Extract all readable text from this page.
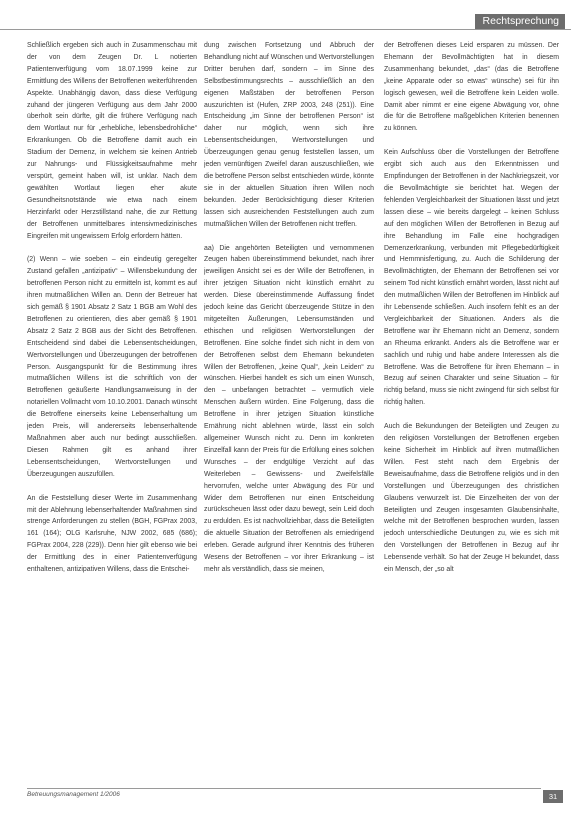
Rechtsprechung
Schließlich ergeben sich auch in Zusammenschau mit der von dem Zeugen Dr. L notierten Patientenverfügung vom 18.07.1999 keine zur Ermittlung des Willens der Betroffenen weiterführenden Aspekte. Unabhängig davon, dass diese Verfügung zuhand der jüngeren Verfügung aus dem Jahr 2000 überholt sein dürfte, gilt die frühere Verfügung nach dem Wortlaut nur für „erhebliche, lebensbedrohliche“ Erkrankungen. Ob die Betroffene damit auch ein Stadium der Demenz, in welchem sie keinen Antrieb zur Nahrungs- und Flüssigkeitsaufnahme mehr verspürt, gemeint haben will, ist unklar. Nach dem gewählten Wortlaut liegen eher akute Gesundheitsnotstände wie etwa nach einem Herzinfarkt oder Herzstillstand nahe, die zur Rettung der Betroffenen unmittelbares intensivmedizinisches Eingreifen mit ungewissem Erfolg erfordern hätten.
(2) Wenn – wie soeben – ein eindeutig geregelter Zustand gefallen „antizipativ“ – Willensbekundung der betroffenen Person nicht zu ermitteln ist, kommt es auf ihren mutmaßlichen Willen an. Denn der Betreuer hat sich gemäß § 1901 Absatz 2 Satz 1 BGB am Wohl des Betroffenen zu orientieren, dies aber gemäß § 1901 Absatz 2 Satz 2 BGB aus der Sicht des Betroffenen. Entscheidend sind dabei die Lebensentscheidungen, Wertvorstellungen und Überzeugungen der betroffenen Person. Ausgangspunkt für die Bestimmung ihres mutmaßlichen Willens ist die schriftlich von der Betroffenen geäußerte Handlungsanweisung in der notariellen Vollmacht vom 10.10.2001. Danach wünscht die Betroffene einerseits keine Lebenserhaltung um jeden Preis, will andererseits lebenserhaltende Maßnahmen aber auch nur bedingt ausschließen. Diesen Rahmen gilt es anhand ihrer Lebensentscheidungen, Wertvorstellungen und Überzeugungen auszufüllen.
An die Feststellung dieser Werte im Zusammenhang mit der Ablehnung lebenserhaltender Maßnahmen sind strenge Anforderungen zu stellen (BGH, FGPrax 2003, 161 (164); OLG Karlsruhe, NJW 2002, 685 (686); FGPrax 2004, 228 (229)). Denn hier gilt ebenso wie bei der Ermittlung des in einer Patientenverfügung enthaltenen, antizipativen Willens, dass die Entschei-
dung zwischen Fortsetzung und Abbruch der Behandlung nicht auf Wünschen und Wertvorstellungen Dritter beruhen darf, sondern – im Sinne des Selbstbestimmungsrechts – ausschließlich an den eigenen Maßstäben der betroffenen Person auszurichten ist (Hufen, ZRP 2003, 248 (251)). Eine Entscheidung „im Sinne der betroffenen Person“ ist daher nur möglich, wenn sich ihre Lebensentscheidungen, Wertvorstellungen und Überzeugungen genau genug feststellen lassen, um jeden vernünftigen Zweifel daran auszuschließen, wie die betroffene Person selbst entschieden würde, könnte sie in der aktuellen Situation ihren Willen noch bekunden. Jeder Berücksichtigung dieser Kriterien lassen sich ausreichenden Feststellungen auch zum mutmaßlichen Willen der Betroffenen nicht treffen.
aa) Die angehörten Beteiligten und vernommenen Zeugen haben übereinstimmend bekundet, nach ihrer jeweiligen Ansicht sei es der Wille der Betroffenen, in ihrer jetzigen Situation nicht künstlich ernährt zu werden. Diese übereinstimmende Auffassung findet jedoch keine das Gericht überzeugende Stütze in den mitgeteilten Äußerungen, Lebensumständen und ethischen und religiösen Wertvorstellungen der Betroffenen. Eine solche findet sich nicht in dem von der Betroffenen selbst dem Ehemann bekundeten Willen der Betroffenen, „keine Qual“, „kein Leiden“ zu wünschen. Hierbei handelt es sich um einen Wunsch, den – unbefangen betrachtet – vermutlich viele Menschen äußern würden. Eine Folgerung, dass die Betroffene in ihrer jetzigen Situation künstliche Ernährung nicht ablehnen würde, lässt ein solch allgemeiner Wunsch nicht zu. Denn im konkreten Einzelfall kann der Preis für die Erfüllung eines solchen Wunsches – der endgültige Verzicht auf das Weiterleben – Gewissens- und Zweifelsfälle hervorrufen, welche unter Abwägung des Für und Wider dem Betroffenen nur einen Entscheidung zurückscheuen lässt oder dazu bewegt, sein Leid doch zu erdulden. Es ist nachvollziehbar, dass die Beteiligten die aktuelle Situation der Betroffenen als erniedrigend erleben. Gerade aufgrund ihrer Kenntnis des früheren Wesens der Betroffenen – vor ihrer Erkrankung – ist mehr als verständlich, dass sie meinen,
der Betroffenen dieses Leid ersparen zu müssen. Der Ehemann der Bevollmächtigten hat in diesem Zusammenhang bekundet, „das“ (das die Betroffene „keine Apparate oder so etwas“ wünsche) sei für ihn logisch gewesen, weil die Betroffene kein Leiden wolle. Damit aber nimmt er eine eigene Abwägung vor, ohne die für die Betroffene maßgeblichen Kriterien benennen zu können.
Kein Aufschluss über die Vorstellungen der Betroffene ergibt sich auch aus den Erkenntnissen und Empfindungen der Betroffenen in der Nachkriegszeit, vor die Bevollmächtigte sie berichtet hat. Wegen der fehlenden Vergleichbarkeit der Situationen lässt und jetzt lassen diese – wie bereits dargelegt – keinen Schluss auf den möglichen Willen der Betroffenen in Bezug auf ihre Behandlung im Falle eine hochgradigen Demenzerkrankung, verbunden mit Pflegebedürftigkeit und Hemmnisfertigung, zu. Auch die Schilderung der Bevollmächtigten, der Ehemann der Betroffenen sei vor seinem Tod nicht künstlich ernährt worden, lässt nicht auf den mutmaßlichen Willen der Betroffenen im Hinblick auf ihr Lebensende schließen. Auch insofern fehlt es an der Vergleichbarkeit der Situationen. Anders als die Betroffene war ihr Ehemann nicht an Demenz, sondern an Rheuma erkrankt. Anders als die Betroffene war er sachlich und ruhig und habe andere Interessen als die Betroffene. Was die Betroffene für ihren Ehemann – in Bezug auf seinen Charakter und seine Situation – für richtig befand, muss sie nicht zwingend für sich selbst für richtig halten.
Auch die Bekundungen der Beteiligten und Zeugen zu den religiösen Vorstellungen der Betroffenen ergeben keine Sicherheit im Hinblick auf ihren mutmaßlichen Willen. Fest steht nach dem Ergebnis der Beweisaufnahme, dass die Betroffene religiös und in den Vorstellungen und Überzeugungen des christlichen Glaubens verwurzelt ist. Die Einzelheiten der von der Beteiligten und Zeugen insgesamten Glaubensinhalte, welche mit der Betroffenen besprochen wurden, lassen jedoch unterschiedliche Deutungen zu, wie es sich mit den Vorstellungen der Betroffenen in Bezug auf ihr Lebensende verhält. So hat der Zeuge H bekundet, dass ein Mensch, der „so alt
Betreuungsmanagement 1/2006	31
